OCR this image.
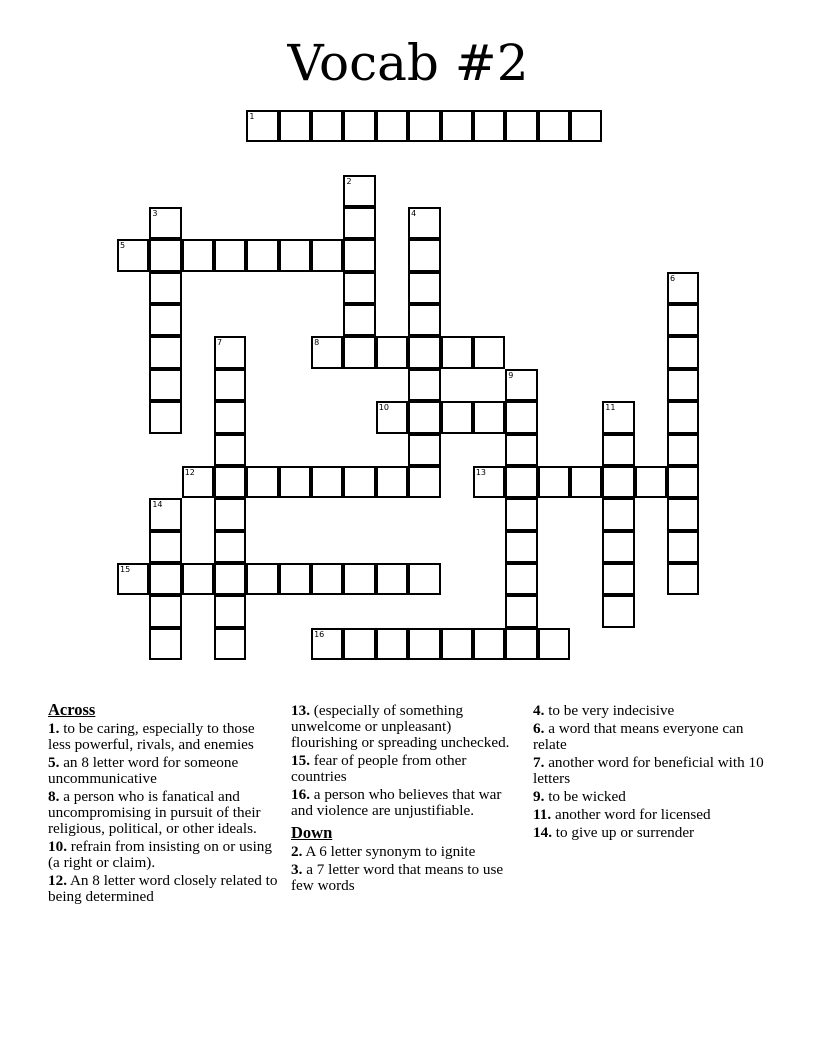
Vocab #2
1
2
3	4
5
6
7	8
9
10	11
12	13
14
15
16
Across
1. to be caring, especially to those less powerful, rivals, and enemies
5. an 8 letter word for someone uncommunicative
8. a person who is fanatical and uncompromising in pursuit of their religious, political, or other ideals.
10. refrain from insisting on or using (a right or claim).
12. An 8 letter word closely related to being determined
13. (especially of something unwelcome or unpleasant) flourishing or spreading unchecked.
15. fear of people from other countries
16. a person who believes that war and violence are unjustifiable.
Down
2. A 6 letter synonym to ignite
3. a 7 letter word that means to use few words
4. to be very indecisive
6. a word that means everyone can relate
7. another word for beneficial with 10 letters
9. to be wicked
11. another word for licensed
14. to give up or surrender
